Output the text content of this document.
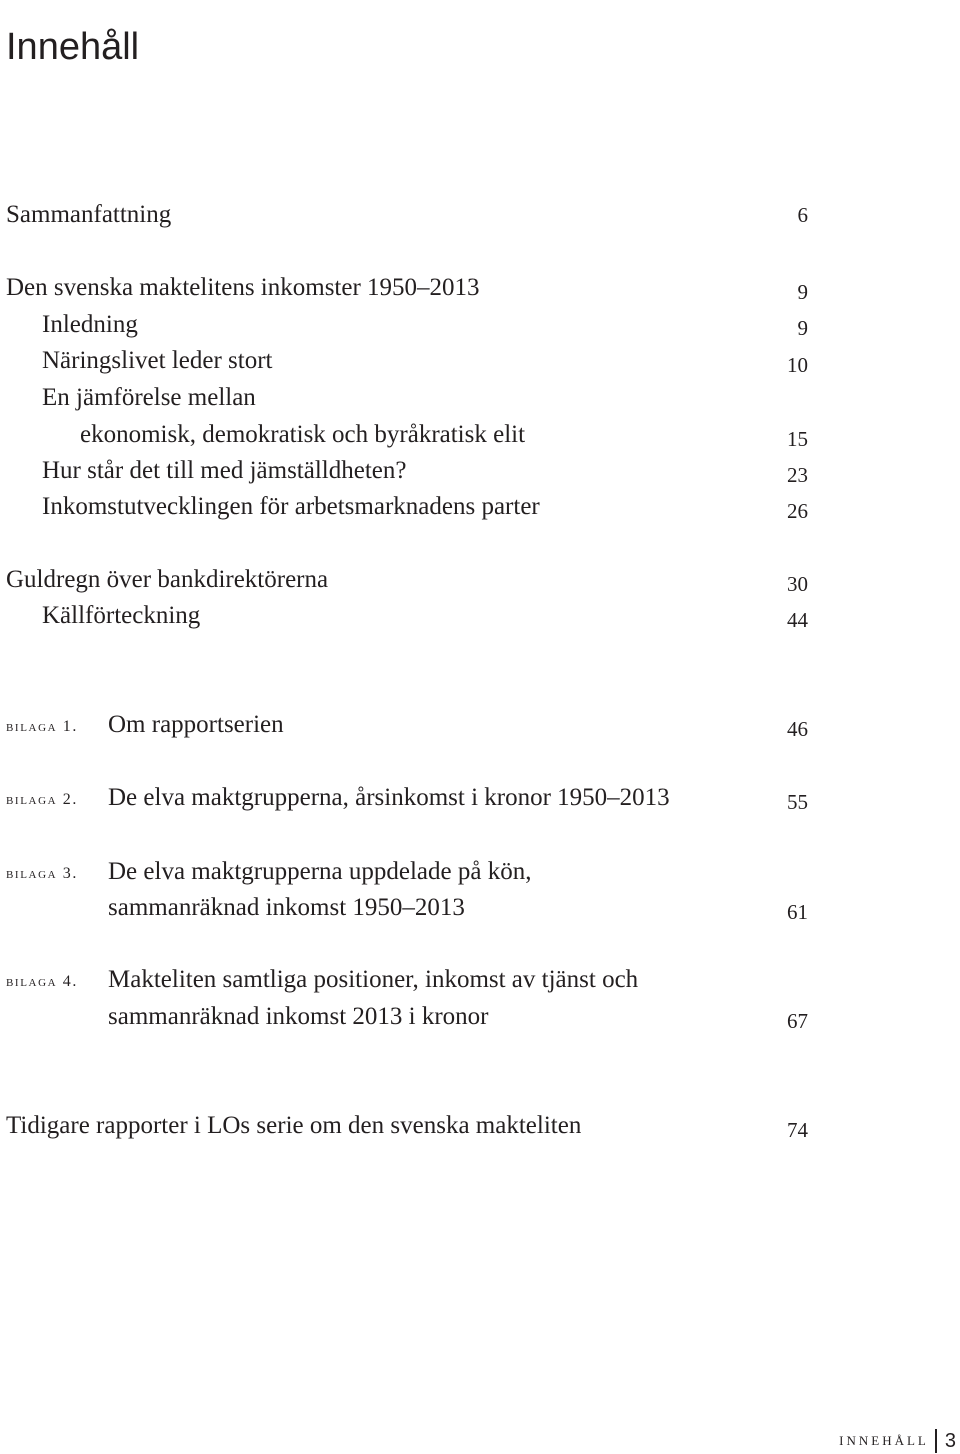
Innehåll
Sammanfattning	6
Den svenska maktelitens inkomster 1950–2013	9
Inledning	9
Näringslivet leder stort	10
En jämförelse mellan
ekonomisk, demokratisk och byråkratisk elit	15
Hur står det till med jämställdheten?	23
Inkomstutvecklingen för arbetsmarknadens parter	26
Guldregn över bankdirektörerna	30
Källförteckning	44
bilaga 1. Om rapportserien	46
bilaga 2. De elva maktgrupperna, årsinkomst i kronor 1950–2013	55
bilaga 3. De elva maktgrupperna uppdelade på kön,
sammanräknad inkomst 1950–2013	61
bilaga 4. Makteliten samtliga positioner, inkomst av tjänst och
sammanräknad inkomst 2013 i kronor	67
Tidigare rapporter i LOs serie om den svenska makteliten	74
INNEHÅLL 3
